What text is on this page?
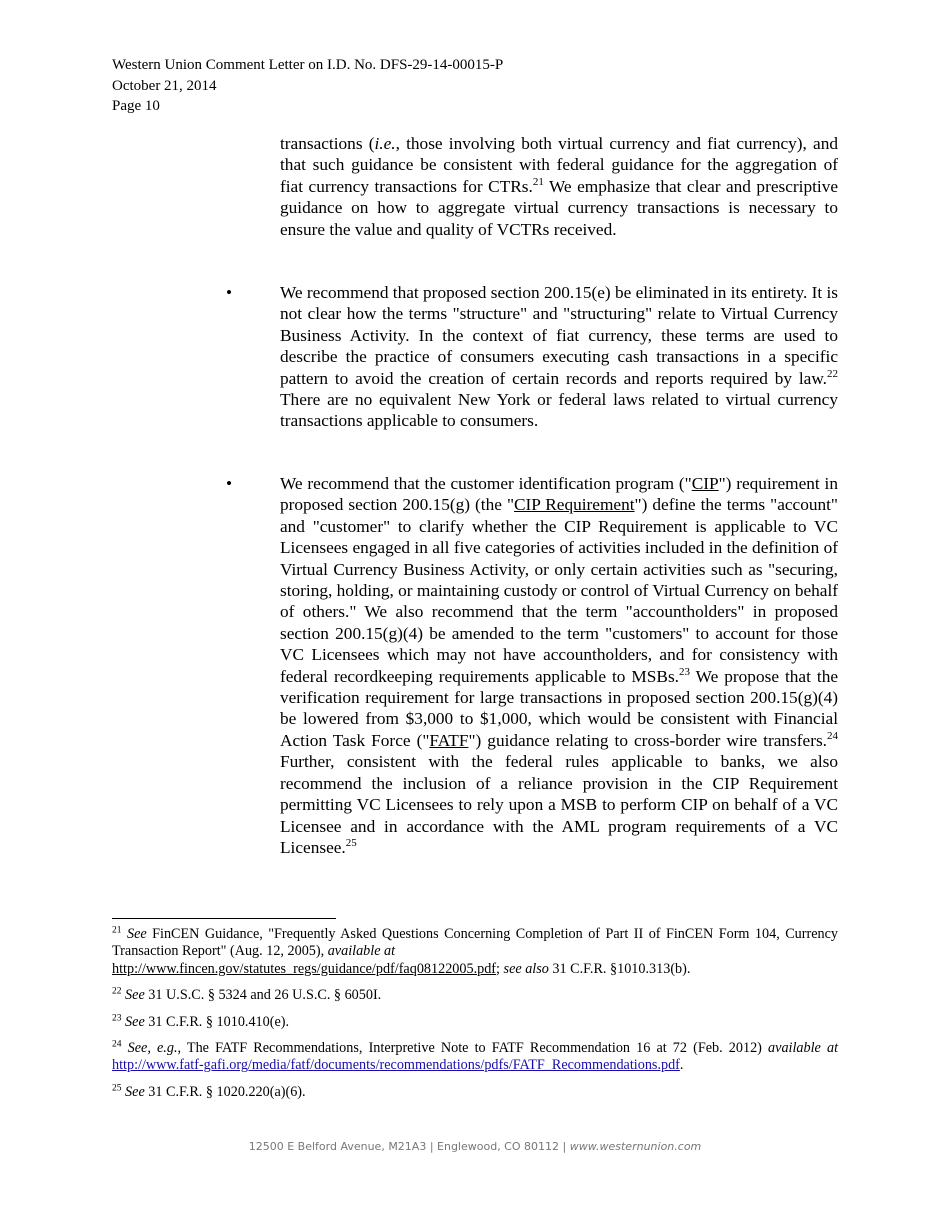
Western Union Comment Letter on I.D. No. DFS-29-14-00015-P
October 21, 2014
Page 10
transactions (i.e., those involving both virtual currency and fiat currency), and that such guidance be consistent with federal guidance for the aggregation of fiat currency transactions for CTRs.$^{21}$ We emphasize that clear and prescriptive guidance on how to aggregate virtual currency transactions is necessary to ensure the value and quality of VCTRs received.
•	We recommend that proposed section 200.15(e) be eliminated in its entirety. It is not clear how the terms "structure" and "structuring" relate to Virtual Currency Business Activity. In the context of fiat currency, these terms are used to describe the practice of consumers executing cash transactions in a specific pattern to avoid the creation of certain records and reports required by law.$^{22}$ There are no equivalent New York or federal laws related to virtual currency transactions applicable to consumers.
•	We recommend that the customer identification program ("CIP") requirement in proposed section 200.15(g) (the "CIP Requirement") define the terms "account" and "customer" to clarify whether the CIP Requirement is applicable to VC Licensees engaged in all five categories of activities included in the definition of Virtual Currency Business Activity, or only certain activities such as "securing, storing, holding, or maintaining custody or control of Virtual Currency on behalf of others." We also recommend that the term "accountholders" in proposed section 200.15(g)(4) be amended to the term "customers" to account for those VC Licensees which may not have accountholders, and for consistency with federal recordkeeping requirements applicable to MSBs.$^{23}$ We propose that the verification requirement for large transactions in proposed section 200.15(g)(4) be lowered from $3,000 to $1,000, which would be consistent with Financial Action Task Force ("FATF") guidance relating to cross-border wire transfers.$^{24}$ Further, consistent with the federal rules applicable to banks, we also recommend the inclusion of a reliance provision in the CIP Requirement permitting VC Licensees to rely upon a MSB to perform CIP on behalf of a VC Licensee and in accordance with the AML program requirements of a VC Licensee.$^{25}$
$^{21}$ See FinCEN Guidance, "Frequently Asked Questions Concerning Completion of Part II of FinCEN Form 104, Currency Transaction Report" (Aug. 12, 2005), available at
http://www.fincen.gov/statutes_regs/guidance/pdf/faq08122005.pdf; see also 31 C.F.R. §1010.313(b).
$^{22}$ See 31 U.S.C. § 5324 and 26 U.S.C. § 6050I.
$^{23}$ See 31 C.F.R. § 1010.410(e).
$^{24}$ See, e.g., The FATF Recommendations, Interpretive Note to FATF Recommendation 16 at 72 (Feb. 2012) available at http://www.fatf-gafi.org/media/fatf/documents/recommendations/pdfs/FATF_Recommendations.pdf.
$^{25}$ See 31 C.F.R. § 1020.220(a)(6).
12500 E Belford Avenue, M21A3 | Englewood, CO 80112 | www.westernunion.com
